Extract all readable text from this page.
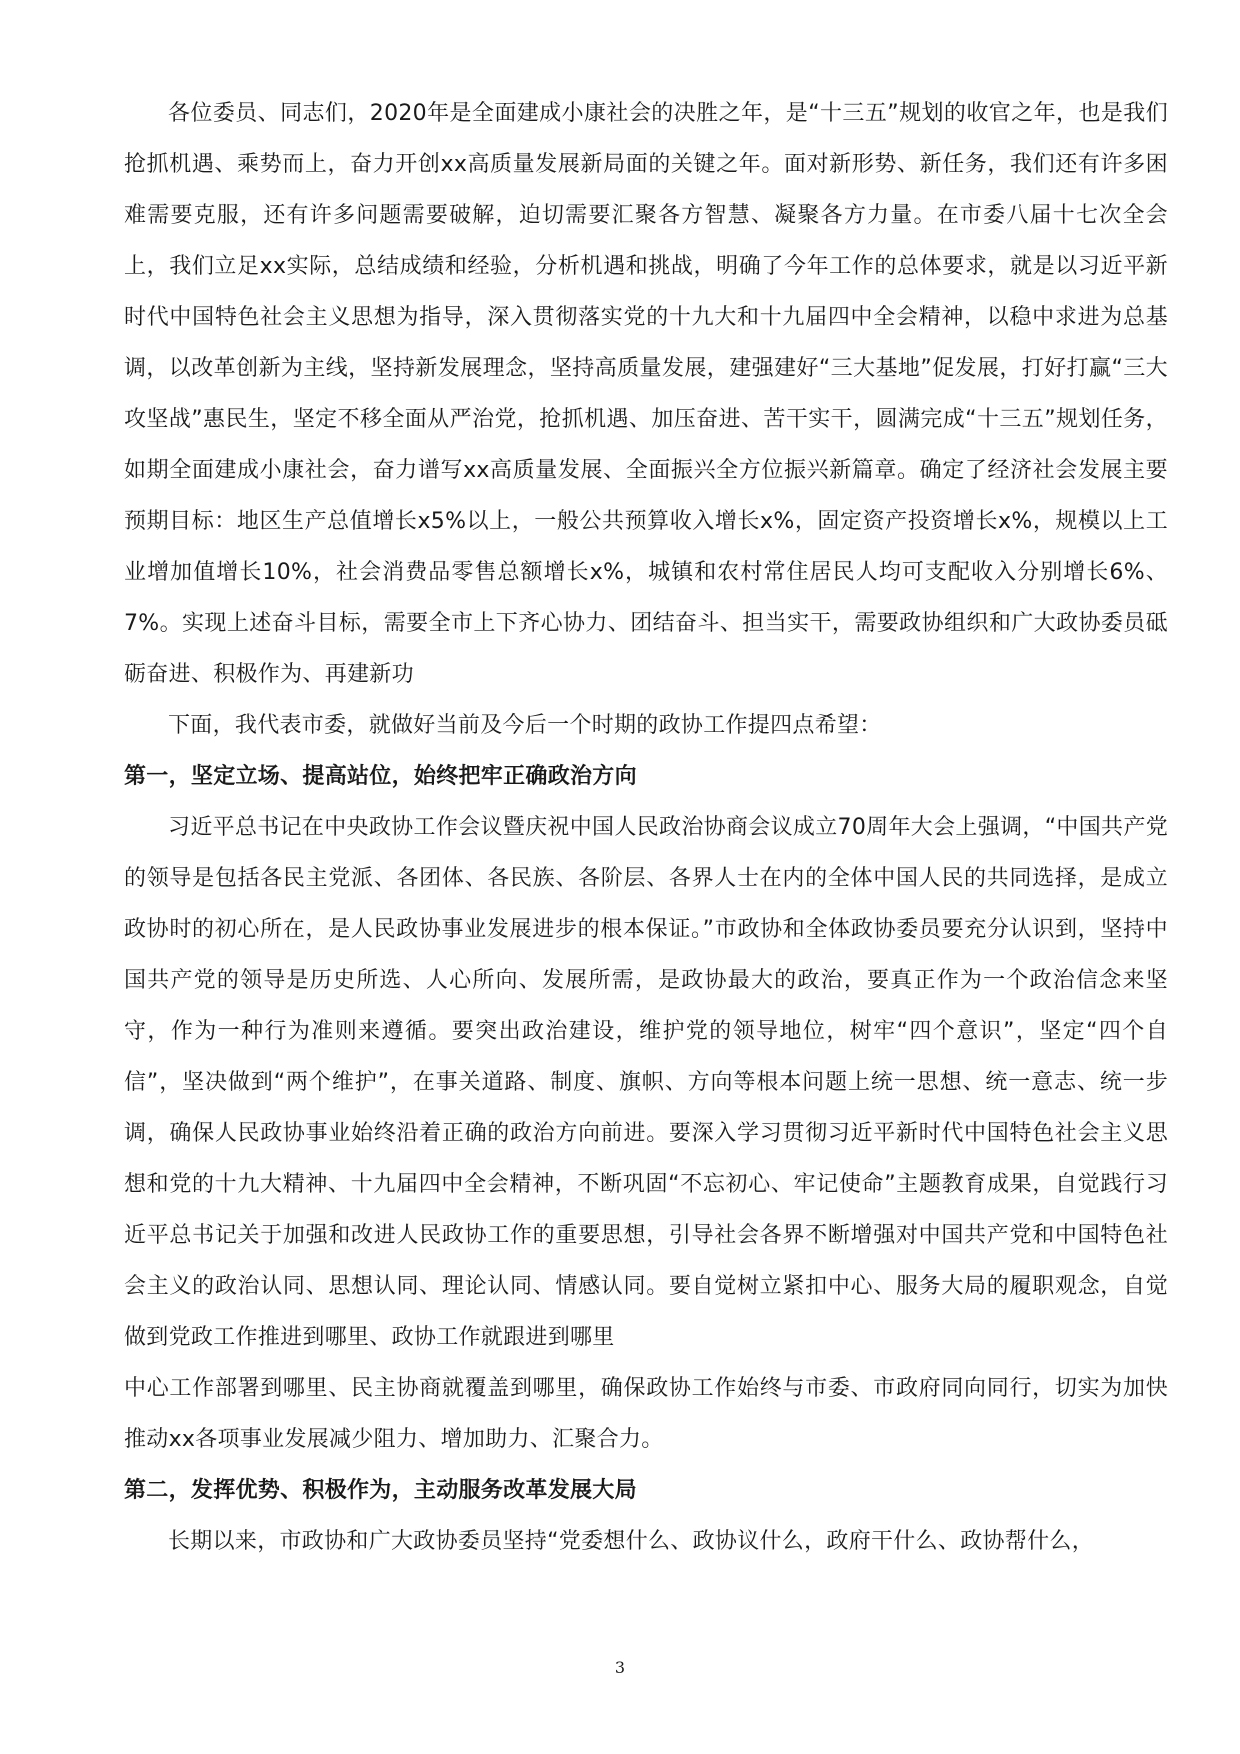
各位委员、同志们，2020年是全面建成小康社会的决胜之年，是“十三五”规划的收官之年，也是我们抢抓机遇、乘势而上，奋力开创xx高质量发展新局面的关键之年。面对新形势、新任务，我们还有许多困难需要克服，还有许多问题需要破解，迫切需要汇聚各方智慧、凝聚各方力量。在市委八届十七次全会上，我们立足xx实际，总结成绩和经验，分析机遇和挑战，明确了今年工作的总体要求，就是以习近平新时代中国特色社会主义思想为指导，深入贯彻落实党的十九大和十九届四中全会精神，以稳中求进为总基调，以改革创新为主线，坚持新发展理念，坚持高质量发展，建强建好“三大基地”促发展，打好打赢“三大攻坚战”惠民生，坚定不移全面从严治党，抢抓机遇、加压奋进、苦干实干，圆满完成“十三五”规划任务，如期全面建成小康社会，奋力谱写xx高质量发展、全面振兴全方位振兴新篇章。确定了经济社会发展主要预期目标：地区生产总值增长x5%以上，一般公共预算收入增长x%，固定资产投资增长x%，规模以上工业增加值增长10%，社会消费品零售总额增长x%，城镇和农村常住居民人均可支配收入分别增长6%、7%。实现上述奋斗目标，需要全市上下齐心协力、团结奋斗、担当实干，需要政协组织和广大政协委员砥砺奋进、积极作为、再建新功

下面，我代表市委，就做好当前及今后一个时期的政协工作提四点希望：

第一，坚定立场、提高站位，始终把牢正确政治方向

习近平总书记在中央政协工作会议暨庆祝中国人民政治协商会议成立70周年大会上强调，“中国共产党的领导是包括各民主党派、各团体、各民族、各阶层、各界人士在内的全体中国人民的共同选择，是成立政协时的初心所在，是人民政协事业发展进步的根本保证。”市政协和全体政协委员要充分认识到，坚持中国共产党的领导是历史所选、人心所向、发展所需，是政协最大的政治，要真正作为一个政治信念来坚守，作为一种行为准则来遵循。要突出政治建设，维护党的领导地位，树牢“四个意识”，坚定“四个自信”，坚决做到“两个维护”，在事关道路、制度、旗帜、方向等根本问题上统一思想、统一意志、统一步调，确保人民政协事业始终沿着正确的政治方向前进。要深入学习贯彻习近平新时代中国特色社会主义思想和党的十九大精神、十九届四中全会精神，不断巩固“不忘初心、牢记使命”主题教育成果，自觉践行习近平总书记关于加强和改进人民政协工作的重要思想，引导社会各界不断增强对中国共产党和中国特色社会主义的政治认同、思想认同、理论认同、情感认同。要自觉树立紧扣中心、服务大局的履职观念，自觉做到党政工作推进到哪里、政协工作就跟进到哪里

中心工作部署到哪里、民主协商就覆盖到哪里，确保政协工作始终与市委、市政府同向同行，切实为加快推动xx各项事业发展减少阻力、增加助力、汇聚合力。

第二，发挥优势、积极作为，主动服务改革发展大局

长期以来，市政协和广大政协委员坚持“党委想什么、政协议什么，政府干什么、政协帮什么，

3
